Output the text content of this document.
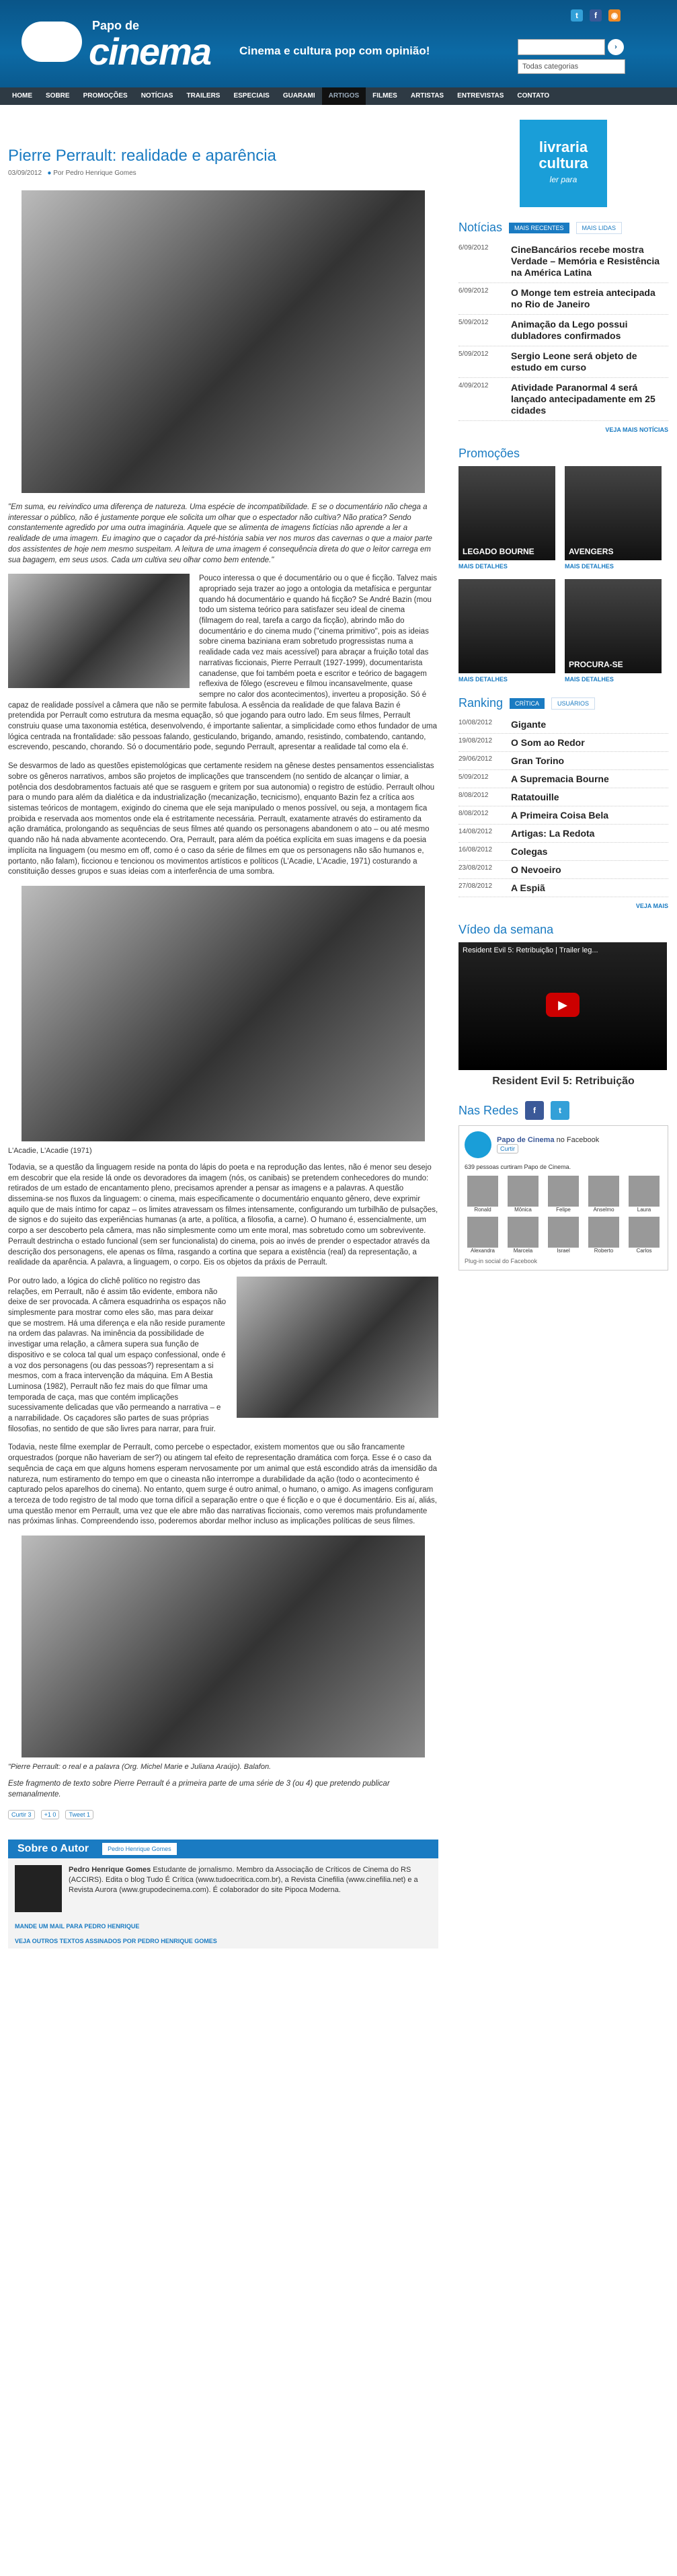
Papo de
cinema	Cinema e cultura pop com opinião!
t	f	◉
›
Todas categorias
HOME	SOBRE	PROMOÇÕES	NOTÍCIAS	TRAILERS	ESPECIAIS	GUARAMI	ARTIGOS	FILMES	ARTISTAS	ENTREVISTAS	CONTATO
Pierre Perrault: realidade e aparência
03/09/2012 ● Por Pedro Henrique Gomes

"Em suma, eu reivindico uma diferença de natureza. Uma espécie de incompatibilidade. E se o documentário não chega a interessar o público, não é justamente porque ele solicita um olhar que o espectador não cultiva? Não pratica? Sendo constantemente agredido por uma outra imaginária. Aquele que se alimenta de imagens fictícias não aprende a ler a realidade de uma imagem. Eu imagino que o caçador da pré-história sabia ver nos muros das cavernas o que a maior parte dos assistentes de hoje nem mesmo suspeitam. A leitura de uma imagem é consequência direta do que o leitor carrega em sua bagagem, em seus usos. Cada um cultiva seu olhar como bem entende."

Pouco interessa o que é documentário ou o que é ficção. Talvez mais apropriado seja trazer ao jogo a ontologia da metafísica e perguntar quando há documentário e quando há ficção? Se André Bazin (mou todo um sistema teórico para satisfazer seu ideal de cinema (filmagem do real, tarefa a cargo da ficção), abrindo mão do documentário e do cinema mudo ("cinema primitivo", pois as ideias sobre cinema baziniana eram sobretudo progressistas numa a realidade cada vez mais acessível) para abraçar a fruição total das narrativas ficcionais, Pierre Perrault (1927-1999), documentarista canadense, que foi também poeta e escritor e teórico de bagagem reflexiva de fôlego (escreveu e filmou incansavelmente, quase sempre no calor dos acontecimentos), inverteu a proposição. Só é capaz de realidade possível a câmera que não se permite fabulosa. A essência da realidade de que falava Bazin é pretendida por Perrault como estrutura da mesma equação, só que jogando para outro lado. Em seus filmes, Perrault construiu quase uma taxonomia estética, desenvolvendo, é importante salientar, a simplicidade como ethos fundador de uma lógica centrada na frontalidade: são pessoas falando, gesticulando, brigando, amando, resistindo, combatendo, cantando, escrevendo, pescando, chorando. Só o documentário pode, segundo Perrault, apresentar a realidade tal como ela é.

Se desvarmos de lado as questões epistemológicas que certamente residem na gênese destes pensamentos essencialistas sobre os gêneros narrativos, ambos são projetos de implicações que transcendem (no sentido de alcançar o limiar, a potência dos desdobramentos factuais até que se rasguem e gritem por sua autonomia) o registro de estúdio. Perrault olhou para o mundo para além da dialética e da industrialização (mecanização, tecnicismo), enquanto Bazin fez a crítica aos sistemas teóricos de montagem, exigindo do cinema que ele seja manipulado o menos possível, ou seja, a montagem fica proibida e reservada aos momentos onde ela é estritamente necessária. Perrault, exatamente através do estiramento da ação dramática, prolongando as sequências de seus filmes até quando os personagens abandonem o ato – ou até mesmo quando não há nada abvamente acontecendo. Ora, Perrault, para além da poética explícita em suas imagens e da poesia implícita na linguagem (ou mesmo em off, como é o caso da série de filmes em que os personagens não são humanos e, portanto, não falam), ficcionou e tencionou os movimentos artísticos e políticos (L'Acadie, L'Acadie, 1971) costurando a constituição desses grupos e suas ideias com a interferência de uma sombra.

L'Acadie, L'Acadie (1971)

Todavia, se a questão da linguagem reside na ponta do lápis do poeta e na reprodução das lentes, não é menor seu desejo em descobrir que ela reside lá onde os devoradores da imagem (nós, os canibais) se pretendem conhecedores do mundo: retirados de um estado de encantamento pleno, precisamos aprender a pensar as imagens e a palavras. A questão dissemina-se nos fluxos da linguagem: o cinema, mais especificamente o documentário enquanto gênero, deve exprimir aquilo que de mais íntimo for capaz – os limites atravessam os filmes intensamente, configurando um turbilhão de pulsações, de signos e do sujeito das experiências humanas (a arte, a política, a filosofia, a carne). O humano é, essencialmente, um corpo a ser descoberto pela câmera, mas não simplesmente como um ente moral, mas sobretudo como um sobrevivente. Perrault destrincha o estado funcional (sem ser funcionalista) do cinema, pois ao invés de prender o espectador através da descrição dos personagens, ele apenas os filma, rasgando a cortina que separa a existência (real) da representação, a realidade da aparência. A palavra, a linguagem, o corpo. Eis os objetos da práxis de Perrault.

Por outro lado, a lógica do clichê político no registro das relações, em Perrault, não é assim tão evidente, embora não deixe de ser provocada. A câmera esquadrinha os espaços não simplesmente para mostrar como eles são, mas para deixar que se mostrem. Há uma diferença e ela não reside puramente na ordem das palavras. Na iminência da possibilidade de investigar uma relação, a câmera supera sua função de dispositivo e se coloca tal qual um espaço confessional, onde é a voz dos personagens (ou das pessoas?) representam a si mesmos, com a fraca intervenção da máquina. Em A Bestia Luminosa (1982), Perrault não fez mais do que filmar uma temporada de caça, mas que contém implicações sucessivamente delicadas que vão permeando a narrativa – e a narrabilidade. Os caçadores são partes de suas próprias filosofias, no sentido de que são livres para narrar, para fruir.

Todavia, neste filme exemplar de Perrault, como percebe o espectador, existem momentos que ou são francamente orquestrados (porque não haveriam de ser?) ou atingem tal efeito de representação dramática com força. Esse é o caso da sequência de caça em que alguns homens esperam nervosamente por um animal que está escondido atrás da imensidão da natureza, num estiramento do tempo em que o cineasta não interrompe a durabilidade da ação (todo o acontecimento é capturado pelos aparelhos do cinema). No entanto, quem surge é outro animal, o humano, o amigo. As imagens configuram a terceza de todo registro de tal modo que torna difícil a separação entre o que é ficção e o que é documentário. Eis aí, aliás, uma questão menor em Perrault, uma vez que ele abre mão das narrativas ficcionais, como veremos mais profundamente nas próximas linhas. Compreendendo isso, poderemos abordar melhor incluso as implicações políticas de seus filmes.

"Pierre Perrault: o real e a palavra (Org. Michel Marie e Juliana Araújo). Balafon.

Este fragmento de texto sobre Pierre Perrault é a primeira parte de uma série de 3 (ou 4) que pretendo publicar semanalmente.

Curtir 3 +1 0 Tweet 1
Sobre o Autor	Pedro Henrique Gomes
Pedro Henrique Gomes Estudante de jornalismo. Membro da Associação de Críticos de Cinema do RS (ACCIRS). Edita o blog Tudo É Crítica (www.tudoecritica.com.br), a Revista Cinefilia (www.cinefilia.net) e a Revista Aurora (www.grupodecinema.com). É colaborador do site Pipoca Moderna.
MANDE UM MAIL PARA PEDRO HENRIQUE
VEJA OUTROS TEXTOS ASSINADOS POR PEDRO HENRIQUE GOMES
livraria
cultura
ler para
Notícias	MAIS RECENTES	MAIS LIDAS
6/09/2012	CineBancários recebe mostra Verdade – Memória e Resistência na América Latina
6/09/2012	O Monge tem estreia antecipada no Rio de Janeiro
5/09/2012	Animação da Lego possui dubladores confirmados
5/09/2012	Sergio Leone será objeto de estudo em curso
4/09/2012	Atividade Paranormal 4 será lançado antecipadamente em 25 cidades
VEJA MAIS NOTÍCIAS
Promoções
LEGADO BOURNE
MAIS DETALHES
AVENGERS
MAIS DETALHES
MAIS DETALHES
PROCURA-SE
MAIS DETALHES
Ranking	CRÍTICA	USUÁRIOS
10/08/2012	Gigante
19/08/2012	O Som ao Redor
29/06/2012	Gran Torino
5/09/2012	A Supremacia Bourne
8/08/2012	Ratatouille
8/08/2012	A Primeira Coisa Bela
14/08/2012	Artigas: La Redota
16/08/2012	Colegas
23/08/2012	O Nevoeiro
27/08/2012	A Espiã
VEJA MAIS
Vídeo da semana
Resident Evil 5: Retribuição | Trailer leg...
▶
Resident Evil 5: Retribuição
Nas Redes	f	t
Papo de Cinema no Facebook
Curtir
639 pessoas curtiram Papo de Cinema.
Ronald	Mônica	Felipe	Anselmo	Laura
Alexandra	Marcela	Israel	Roberto	Carlos
Plug-in social do Facebook
